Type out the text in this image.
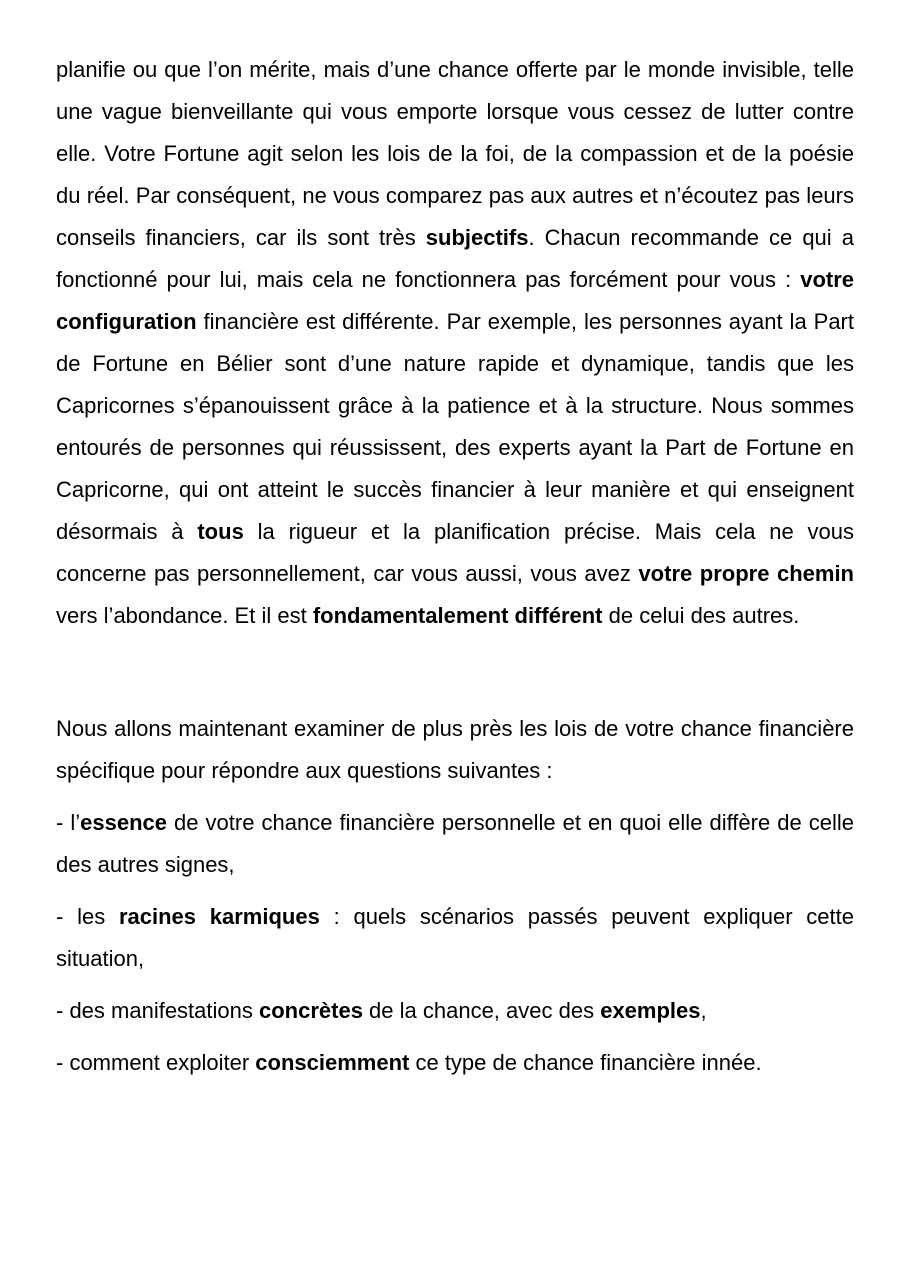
planifie ou que l’on mérite, mais d’une chance offerte par le monde invisible, telle une vague bienveillante qui vous emporte lorsque vous cessez de lutter contre elle. Votre Fortune agit selon les lois de la foi, de la compassion et de la poésie du réel. Par conséquent, ne vous comparez pas aux autres et n’écoutez pas leurs conseils financiers, car ils sont très subjectifs. Chacun recommande ce qui a fonctionné pour lui, mais cela ne fonctionnera pas forcément pour vous : votre configuration financière est différente. Par exemple, les personnes ayant la Part de Fortune en Bélier sont d’une nature rapide et dynamique, tandis que les Capricornes s’épanouissent grâce à la patience et à la structure. Nous sommes entourés de personnes qui réussissent, des experts ayant la Part de Fortune en Capricorne, qui ont atteint le succès financier à leur manière et qui enseignent désormais à tous la rigueur et la planification précise. Mais cela ne vous concerne pas personnellement, car vous aussi, vous avez votre propre chemin vers l’abondance. Et il est fondamentalement différent de celui des autres.

Nous allons maintenant examiner de plus près les lois de votre chance financière spécifique pour répondre aux questions suivantes :

- l’essence de votre chance financière personnelle et en quoi elle diffère de celle des autres signes,

- les racines karmiques : quels scénarios passés peuvent expliquer cette situation,

- des manifestations concrètes de la chance, avec des exemples,

- comment exploiter consciemment ce type de chance financière innée.
